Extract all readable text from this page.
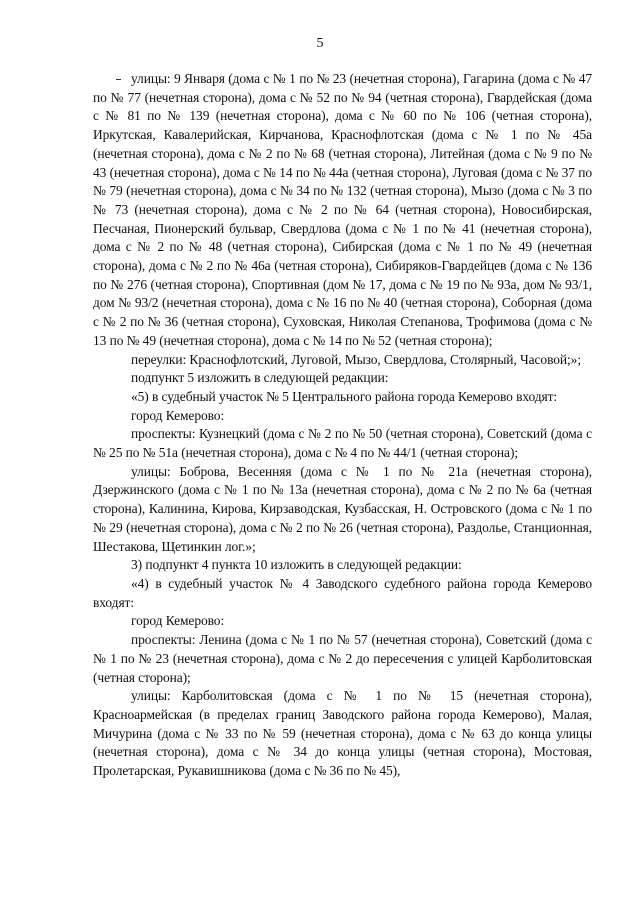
5

улицы: 9 Января (дома с № 1 по № 23 (нечетная сторона), Гагарина (дома с № 47 по № 77 (нечетная сторона), дома с № 52 по № 94 (четная сторона), Гвардейская (дома с № 81 по № 139 (нечетная сторона), дома с № 60 по № 106 (четная сторона), Иркутская, Кавалерийская, Кирчанова, Краснофлотская (дома с № 1 по № 45а (нечетная сторона), дома с № 2 по № 68 (четная сторона), Литейная (дома с № 9 по № 43 (нечетная сторона), дома с № 14 по № 44а (четная сторона), Луговая (дома с № 37 по № 79 (нечетная сторона), дома с № 34 по № 132 (четная сторона), Мызо (дома с № 3 по № 73 (нечетная сторона), дома с № 2 по № 64 (четная сторона), Новосибирская, Песчаная, Пионерский бульвар, Свердлова (дома с № 1 по № 41 (нечетная сторона), дома с № 2 по № 48 (четная сторона), Сибирская (дома с № 1 по № 49 (нечетная сторона), дома с № 2 по № 46а (четная сторона), Сибиряков-Гвардейцев (дома с № 136 по № 276 (четная сторона), Спортивная (дом № 17, дома с № 19 по № 93а, дом № 93/1, дом № 93/2 (нечетная сторона), дома с № 16 по № 40 (четная сторона), Соборная (дома с № 2 по № 36 (четная сторона), Суховская, Николая Степанова, Трофимова (дома с № 13 по № 49 (нечетная сторона), дома с № 14 по № 52 (четная сторона);

переулки: Краснофлотский, Луговой, Мызо, Свердлова, Столярный, Часовой;»;

подпункт 5 изложить в следующей редакции:

«5) в судебный участок № 5 Центрального района города Кемерово входят:

город Кемерово:

проспекты: Кузнецкий (дома с № 2 по № 50 (четная сторона), Советский (дома с № 25 по № 51а (нечетная сторона), дома с № 4 по № 44/1 (четная сторона);

улицы: Боброва, Весенняя (дома с № 1 по № 21а (нечетная сторона), Дзержинского (дома с № 1 по № 13а (нечетная сторона), дома с № 2 по № 6а (четная сторона), Калинина, Кирова, Кирзаводская, Кузбасская, Н. Островского (дома с № 1 по № 29 (нечетная сторона), дома с № 2 по № 26 (четная сторона), Раздолье, Станционная, Шестакова, Щетинкин лог.»;

3) подпункт 4 пункта 10 изложить в следующей редакции:

«4) в судебный участок № 4 Заводского судебного района города Кемерово входят:

город Кемерово:

проспекты: Ленина (дома с № 1 по № 57 (нечетная сторона), Советский (дома с № 1 по № 23 (нечетная сторона), дома с № 2 до пересечения с улицей Карболитовская (четная сторона);

улицы: Карболитовская (дома с № 1 по № 15 (нечетная сторона), Красноармейская (в пределах границ Заводского района города Кемерово), Малая, Мичурина (дома с № 33 по № 59 (нечетная сторона), дома с № 63 до конца улицы (нечетная сторона), дома с № 34 до конца улицы (четная сторона), Мостовая, Пролетарская, Рукавишникова (дома с № 36 по № 45),
